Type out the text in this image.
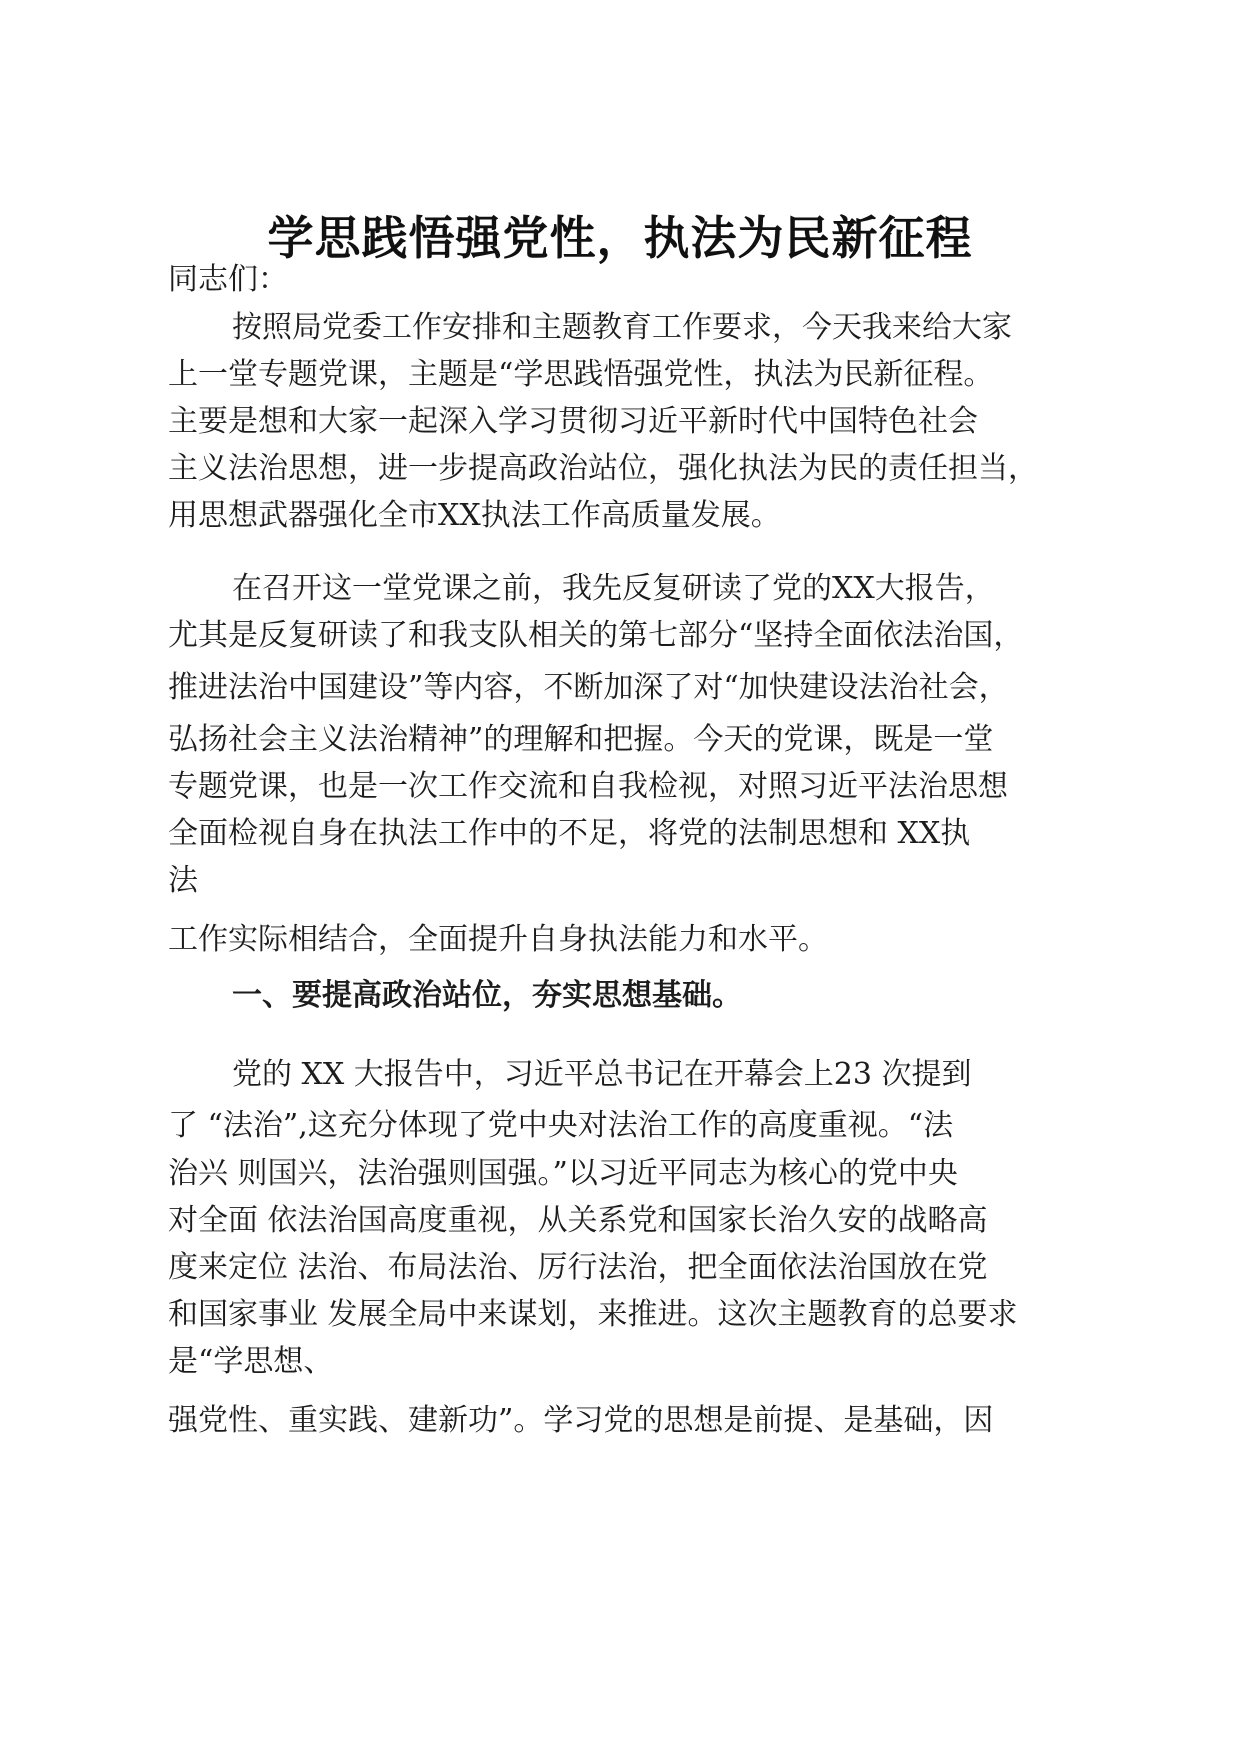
学思践悟强党性，执法为民新征程
同志们：
按照局党委工作安排和主题教育工作要求，今天我来给大家
上一堂专题党课，主题是“学思践悟强党性，执法为民新征程。
主要是想和大家一起深入学习贯彻习近平新时代中国特色社会
主义法治思想，进一步提高政治站位，强化执法为民的责任担当，
用思想武器强化全市XX执法工作高质量发展。
在召开这一堂党课之前，我先反复研读了党的XX大报告，
尤其是反复研读了和我支队相关的第七部分“坚持全面依法治国，
推进法治中国建设”等内容，不断加深了对“加快建设法治社会，
弘扬社会主义法治精神”的理解和把握。今天的党课，既是一堂
专题党课，也是一次工作交流和自我检视，对照习近平法治思想
全面检视自身在执法工作中的不足，将党的法制思想和 XX执
法
工作实际相结合，全面提升自身执法能力和水平。
一、要提高政治站位，夯实思想基础。
党的 XX 大报告中，习近平总书记在开幕会上23 次提到
了 “法治”,这充分体现了党中央对法治工作的高度重视。“法
治兴 则国兴，法治强则国强。”以习近平同志为核心的党中央
对全面 依法治国高度重视，从关系党和国家长治久安的战略高
度来定位 法治、布局法治、厉行法治，把全面依法治国放在党
和国家事业 发展全局中来谋划，来推进。这次主题教育的总要求
是“学思想、
强党性、重实践、建新功”。学习党的思想是前提、是基础，因
